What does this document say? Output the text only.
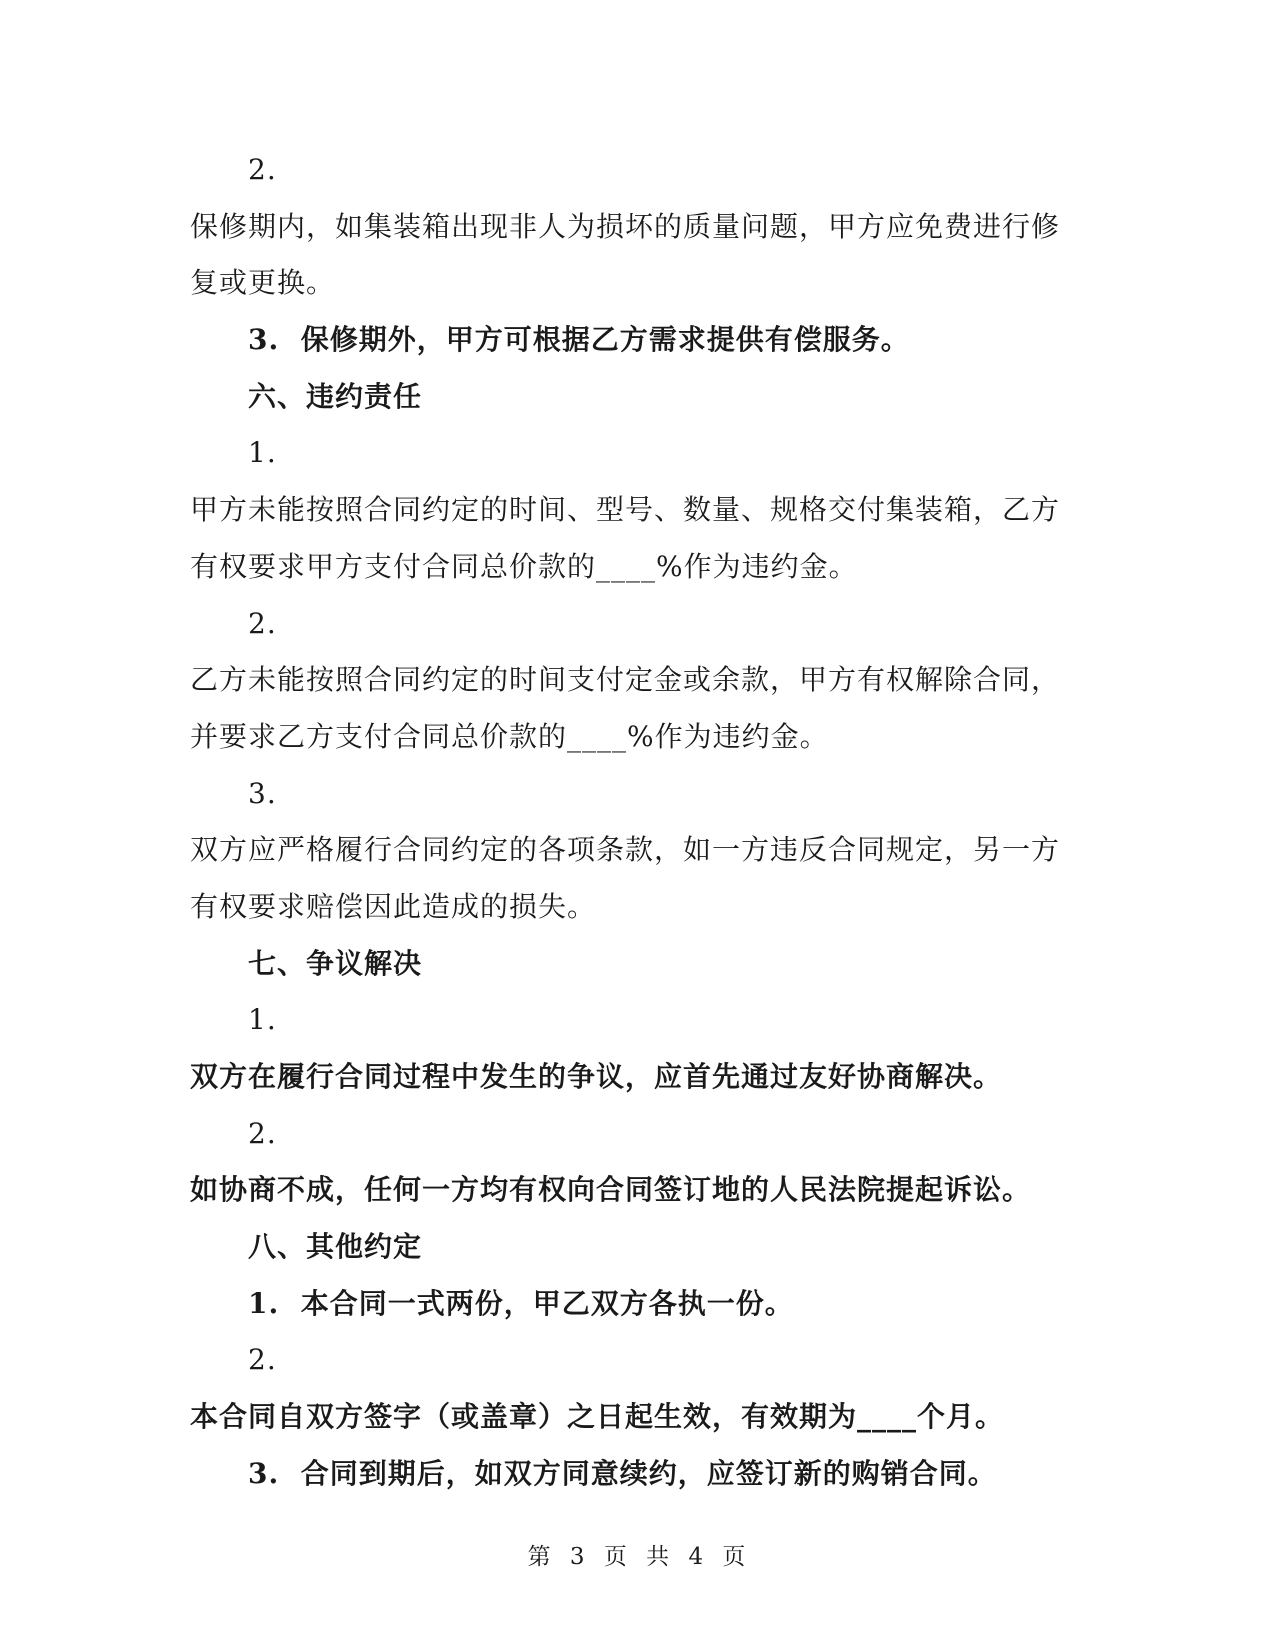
2.
保修期内，如集装箱出现非人为损坏的质量问题，甲方应免费进行修
复或更换。
3.  保修期外，甲方可根据乙方需求提供有偿服务。
六、违约责任
1.
甲方未能按照合同约定的时间、型号、数量、规格交付集装箱，乙方
有权要求甲方支付合同总价款的____%作为违约金。
2.
乙方未能按照合同约定的时间支付定金或余款，甲方有权解除合同，
并要求乙方支付合同总价款的____%作为违约金。
3.
双方应严格履行合同约定的各项条款，如一方违反合同规定，另一方
有权要求赔偿因此造成的损失。
七、争议解决
1.
双方在履行合同过程中发生的争议，应首先通过友好协商解决。
2.
如协商不成，任何一方均有权向合同签订地的人民法院提起诉讼。
八、其他约定
1.  本合同一式两份，甲乙双方各执一份。
2.
本合同自双方签字（或盖章）之日起生效，有效期为____个月。
3.  合同到期后，如双方同意续约，应签订新的购销合同。
第 3 页 共 4 页
